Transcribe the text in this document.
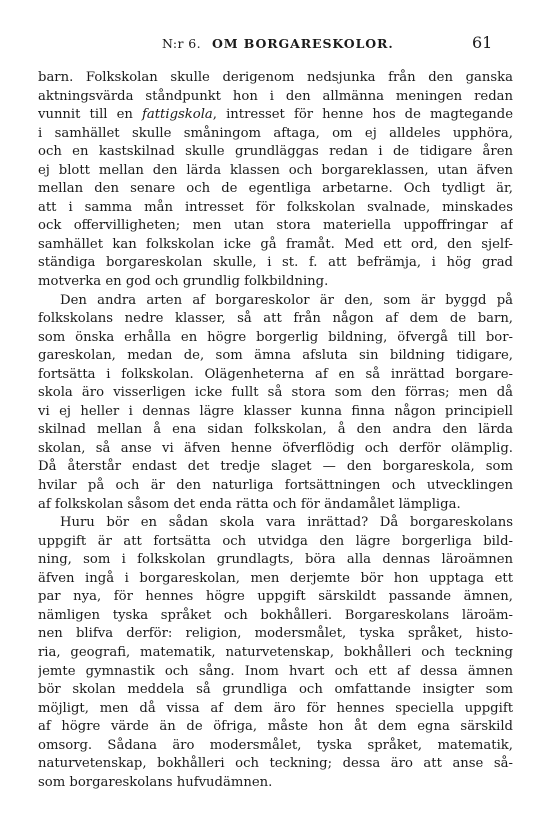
N:r 6. OM BORGARESKOLOR.	61
barn. Folkskolan skulle derigenom nedsjunka från den ganska
aktningsvärda ståndpunkt hon i den allmänna meningen redan
vunnit till en fattigskola, intresset för henne hos de magtegande
i samhället skulle småningom aftaga, om ej alldeles upphöra,
och en kastskilnad skulle grundläggas redan i de tidigare åren
ej blott mellan den lärda klassen och borgareklassen, utan äfven
mellan den senare och de egentliga arbetarne. Och tydligt är,
att i samma mån intresset för folkskolan svalnade, minskades
ock offervilligheten; men utan stora materiella uppoffringar af
samhället kan folkskolan icke gå framåt. Med ett ord, den sjelf-
ständiga borgareskolan skulle, i st. f. att befrämja, i hög grad
motverka en god och grundlig folkbildning.
Den andra arten af borgareskolor är den, som är byggd på
folkskolans nedre klasser, så att från någon af dem de barn,
som önska erhålla en högre borgerlig bildning, öfvergå till bor-
gareskolan, medan de, som ämna afsluta sin bildning tidigare,
fortsätta i folkskolan. Olägenheterna af en så inrättad borgare-
skola äro visserligen icke fullt så stora som den förras; men då
vi ej heller i dennas lägre klasser kunna finna någon principiell
skilnad mellan å ena sidan folkskolan, å den andra den lärda
skolan, så anse vi äfven henne öfverflödig och derför olämplig.
Då återstår endast det tredje slaget — den borgareskola, som
hvilar på och är den naturliga fortsättningen och utvecklingen
af folkskolan såsom det enda rätta och för ändamålet lämpliga.
Huru bör en sådan skola vara inrättad? Då borgareskolans
uppgift är att fortsätta och utvidga den lägre borgerliga bild-
ning, som i folkskolan grundlagts, böra alla dennas läroämnen
äfven ingå i borgareskolan, men derjemte bör hon upptaga ett
par nya, för hennes högre uppgift särskildt passande ämnen,
nämligen tyska språket och bokhålleri. Borgareskolans läroäm-
nen blifva derför: religion, modersmålet, tyska språket, histo-
ria, geografi, matematik, naturvetenskap, bokhålleri och teckning
jemte gymnastik och sång. Inom hvart och ett af dessa ämnen
bör skolan meddela så grundliga och omfattande insigter som
möjligt, men då vissa af dem äro för hennes speciella uppgift
af högre värde än de öfriga, måste hon åt dem egna särskild
omsorg. Sådana äro modersmålet, tyska språket, matematik,
naturvetenskap, bokhålleri och teckning; dessa äro att anse så-
som borgareskolans hufvudämnen.
